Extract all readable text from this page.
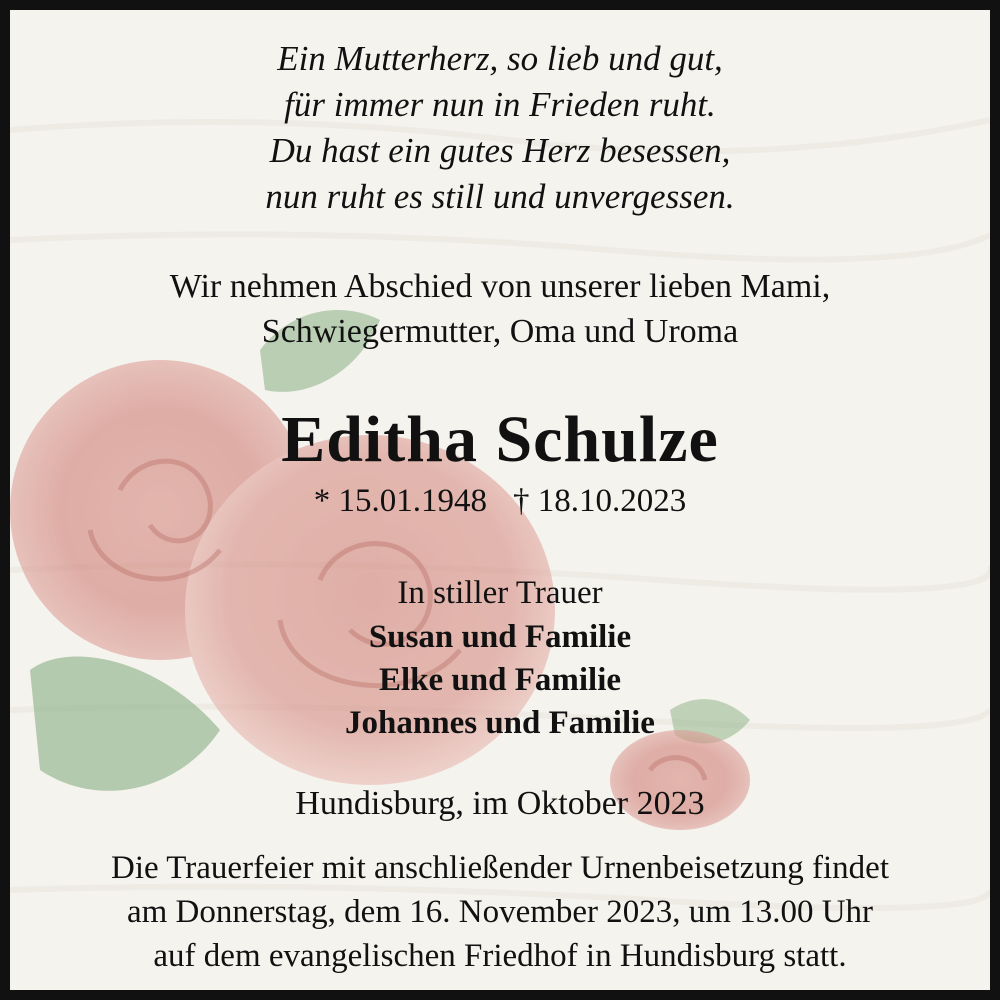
Ein Mutterherz, so lieb und gut,
für immer nun in Frieden ruht.
Du hast ein gutes Herz besessen,
nun ruht es still und unvergessen.

Wir nehmen Abschied von unserer lieben Mami,
Schwiegermutter, Oma und Uroma

Editha Schulze

* 15.01.1948 † 18.10.2023

In stiller Trauer

Susan und Familie
Elke und Familie
Johannes und Familie

Hundisburg, im Oktober 2023

Die Trauerfeier mit anschließender Urnenbeisetzung findet
am Donnerstag, dem 16. November 2023, um 13.00 Uhr
auf dem evangelischen Friedhof in Hundisburg statt.
